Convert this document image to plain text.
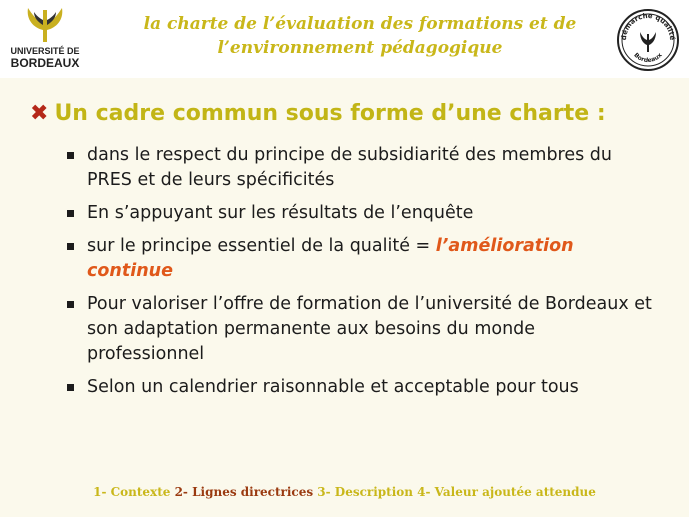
UNIVERSITÉ DE
BORDEAUX
la charte de l’évaluation des formations et de
l’environnement pédagogique
démarche qualité
Bordeaux
✖ Un cadre commun sous forme d’une charte :
dans le respect du principe de subsidiarité des membres du PRES et de leurs spécificités
En s’appuyant sur les résultats de l’enquête
sur le principe essentiel de la qualité = l’amélioration continue
Pour valoriser l’offre de formation de l’université de Bordeaux et son adaptation permanente aux besoins du monde professionnel
Selon un calendrier raisonnable et acceptable pour tous
1- Contexte 2- Lignes directrices 3- Description 4- Valeur ajoutée attendue
